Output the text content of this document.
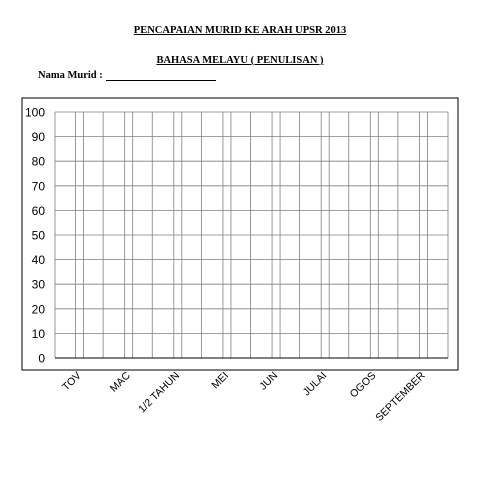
PENCAPAIAN MURID KE ARAH UPSR 2013
BAHASA MELAYU ( PENULISAN )
Nama Murid :
0
10
20
30
40
50
60
70
80
90
100
TOV MAC 1/2 TAHUN	MEI JUN JULAI OGOS
SEPTEMBER
